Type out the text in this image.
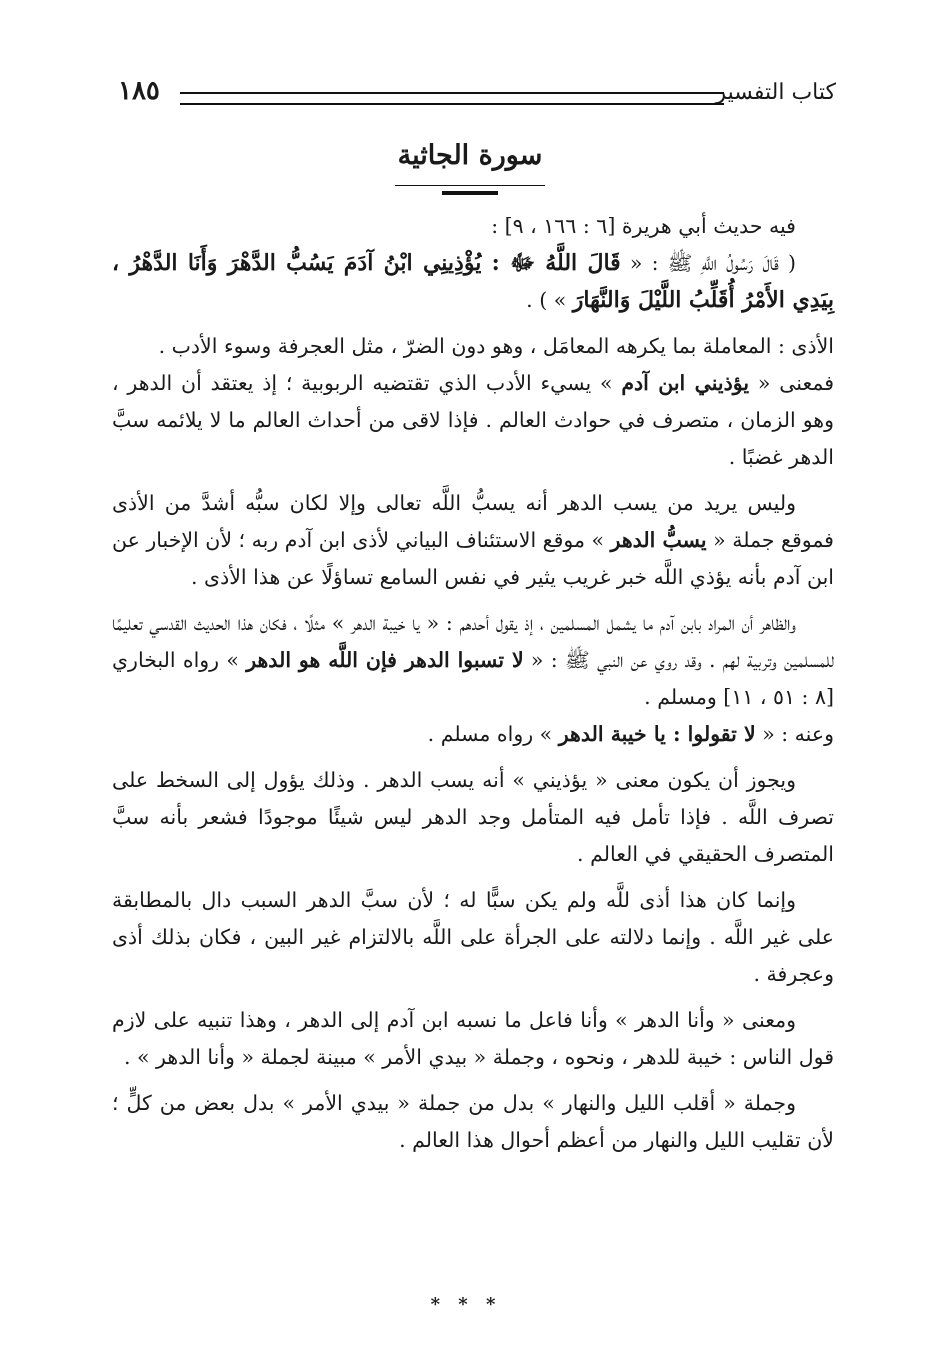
كتاب التفسير
١٨٥
سورة الجاثية

فيه حديث أبي هريرة [٦ : ١٦٦ ، ٩] :

( قَالَ رَسُولُ اللَّهِ ﷺ : « قَالَ اللَّهُ ﷻ : يُؤْذِينِي ابْنُ آدَمَ يَسُبُّ الدَّهْرَ وَأَنَا الدَّهْرُ ، بِيَدِي الأَمْرُ أُقَلِّبُ اللَّيْلَ وَالنَّهَارَ » ) .

الأذى : المعاملة بما يكرهه المعامَل ، وهو دون الضرّ ، مثل العجرفة وسوء الأدب .

فمعنى « يؤذيني ابن آدم » يسيء الأدب الذي تقتضيه الربوبية ؛ إذ يعتقد أن الدهر ، وهو الزمان ، متصرف في حوادث العالم . فإذا لاقى من أحداث العالم ما لا يلائمه سبَّ الدهر غضبًا .

وليس يريد من يسب الدهر أنه يسبُّ اللَّه تعالى وإلا لكان سبُّه أشدَّ من الأذى فموقع جملة « يسبُّ الدهر » موقع الاستئناف البياني لأذى ابن آدم ربه ؛ لأن الإخبار عن ابن آدم بأنه يؤذي اللَّه خبر غريب يثير في نفس السامع تساؤلًا عن هذا الأذى .

والظاهر أن المراد بابن آدم ما يشمل المسلمين ، إذ يقول أحدهم : « يا خيبة الدهر » مثلًا ، فكان هذا الحديث القدسي تعليمًا للمسلمين وتربية لهم . وقد روي عن النبي ﷺ : « لا تسبوا الدهر فإن اللَّه هو الدهر » رواه البخاري [٨ : ٥١ ، ١١] ومسلم .

وعنه : « لا تقولوا : يا خيبة الدهر » رواه مسلم .

ويجوز أن يكون معنى « يؤذيني » أنه يسب الدهر . وذلك يؤول إلى السخط على تصرف اللَّه . فإذا تأمل فيه المتأمل وجد الدهر ليس شيئًا موجودًا فشعر بأنه سبَّ المتصرف الحقيقي في العالم .

وإنما كان هذا أذى للَّه ولم يكن سبًّا له ؛ لأن سبَّ الدهر السبب دال بالمطابقة على غير اللَّه . وإنما دلالته على الجرأة على اللَّه بالالتزام غير البين ، فكان بذلك أذى وعجرفة .

ومعنى « وأنا الدهر » وأنا فاعل ما نسبه ابن آدم إلى الدهر ، وهذا تنبيه على لازم قول الناس : خيبة للدهر ، ونحوه ، وجملة « بيدي الأمر » مبينة لجملة « وأنا الدهر » .

وجملة « أقلب الليل والنهار » بدل من جملة « بيدي الأمر » بدل بعض من كلٍّ ؛ لأن تقليب الليل والنهار من أعظم أحوال هذا العالم .

* * *
